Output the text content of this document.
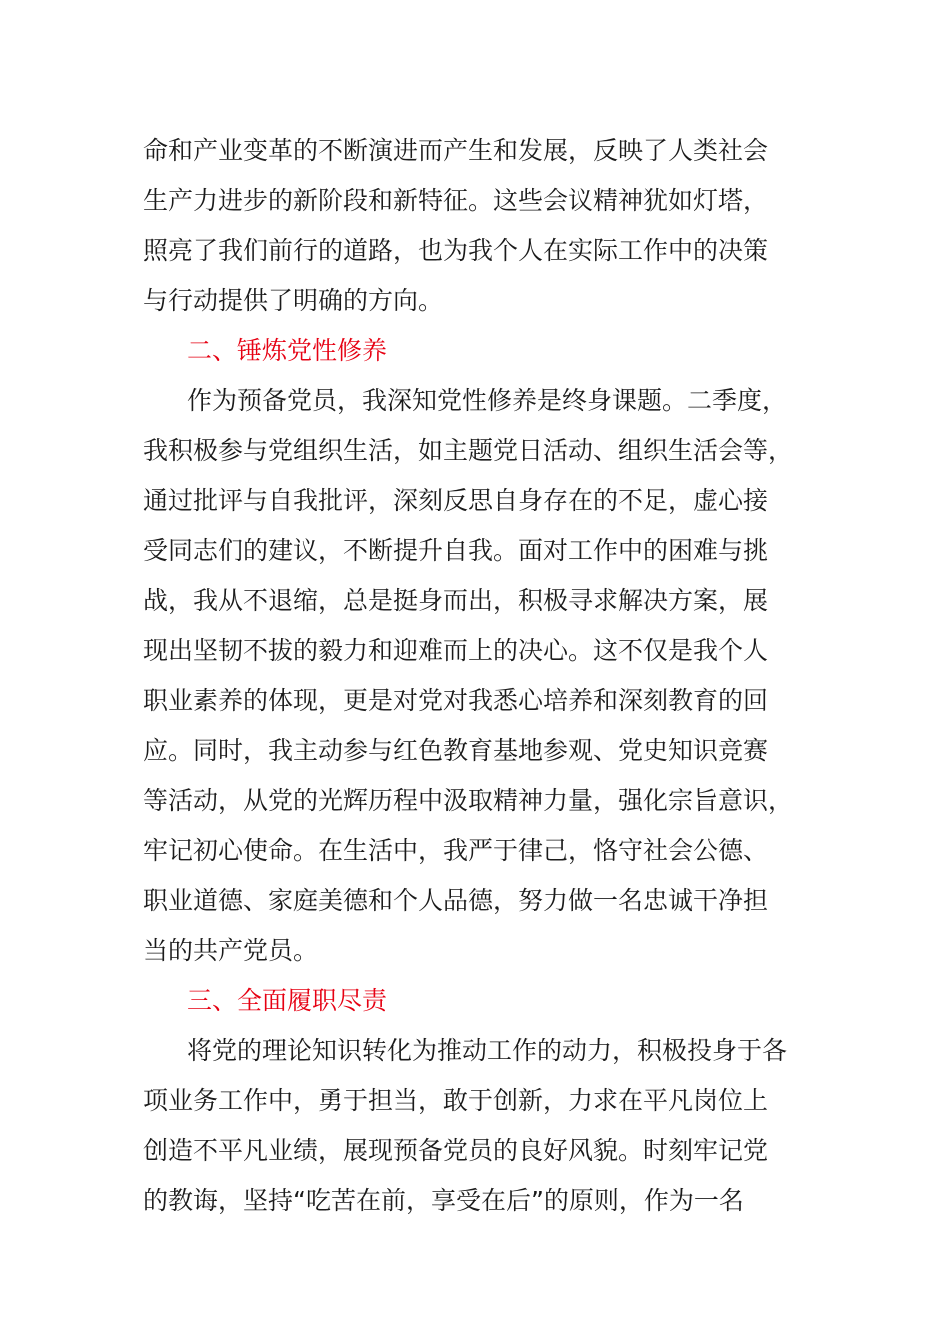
命和产业变革的不断演进而产生和发展，反映了人类社会
生产力进步的新阶段和新特征。这些会议精神犹如灯塔，
照亮了我们前行的道路，也为我个人在实际工作中的决策
与行动提供了明确的方向。
二、锤炼党性修养
作为预备党员，我深知党性修养是终身课题。二季度，
我积极参与党组织生活，如主题党日活动、组织生活会等，
通过批评与自我批评，深刻反思自身存在的不足，虚心接
受同志们的建议，不断提升自我。面对工作中的困难与挑
战，我从不退缩，总是挺身而出，积极寻求解决方案，展
现出坚韧不拔的毅力和迎难而上的决心。这不仅是我个人
职业素养的体现，更是对党对我悉心培养和深刻教育的回
应。同时，我主动参与红色教育基地参观、党史知识竞赛
等活动，从党的光辉历程中汲取精神力量，强化宗旨意识，
牢记初心使命。在生活中，我严于律己，恪守社会公德、
职业道德、家庭美德和个人品德，努力做一名忠诚干净担
当的共产党员。
三、全面履职尽责
将党的理论知识转化为推动工作的动力，积极投身于各
项业务工作中，勇于担当，敢于创新，力求在平凡岗位上
创造不平凡业绩，展现预备党员的良好风貌。时刻牢记党
的教诲，坚持“吃苦在前，享受在后”的原则，作为一名
